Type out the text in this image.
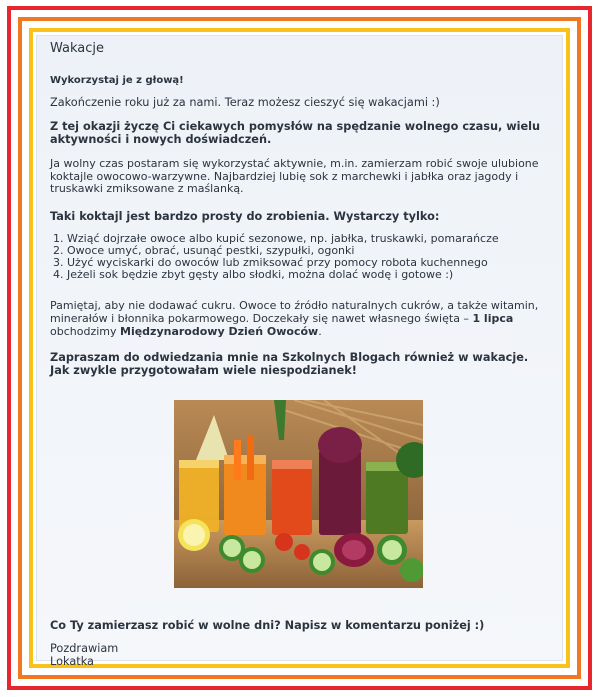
Wakacje
Wykorzystaj je z głową!
Zakończenie roku już za nami. Teraz możesz cieszyć się wakacjami :)
Z tej okazji życzę Ci ciekawych pomysłów na spędzanie wolnego czasu, wielu aktywności i nowych doświadczeń.
Ja wolny czas postaram się wykorzystać aktywnie, m.in. zamierzam robić swoje ulubione koktajle owocowo-warzywne. Najbardziej lubię sok z marchewki i jabłka oraz jagody i truskawki zmiksowane z maślanką.
Taki koktajl jest bardzo prosty do zrobienia. Wystarczy tylko:
1. Wziąć dojrzałe owoce albo kupić sezonowe, np. jabłka, truskawki, pomarańcze
2. Owoce umyć, obrać, usunąć pestki, szypułki, ogonki
3. Użyć wyciskarki do owoców lub zmiksować przy pomocy robota kuchennego
4. Jeżeli sok będzie zbyt gęsty albo słodki, można dolać wodę i gotowe :)
Pamiętaj, aby nie dodawać cukru. Owoce to źródło naturalnych cukrów, a także witamin, minerałów i błonnika pokarmowego. Doczekały się nawet własnego święta – 1 lipca obchodzimy Międzynarodowy Dzień Owoców.
Zapraszam do odwiedzania mnie na Szkolnych Blogach również w wakacje. Jak zwykle przygotowałam wiele niespodzianek!
Co Ty zamierzasz robić w wolne dni? Napisz w komentarzu poniżej :)
Pozdrawiam
Lokatka
